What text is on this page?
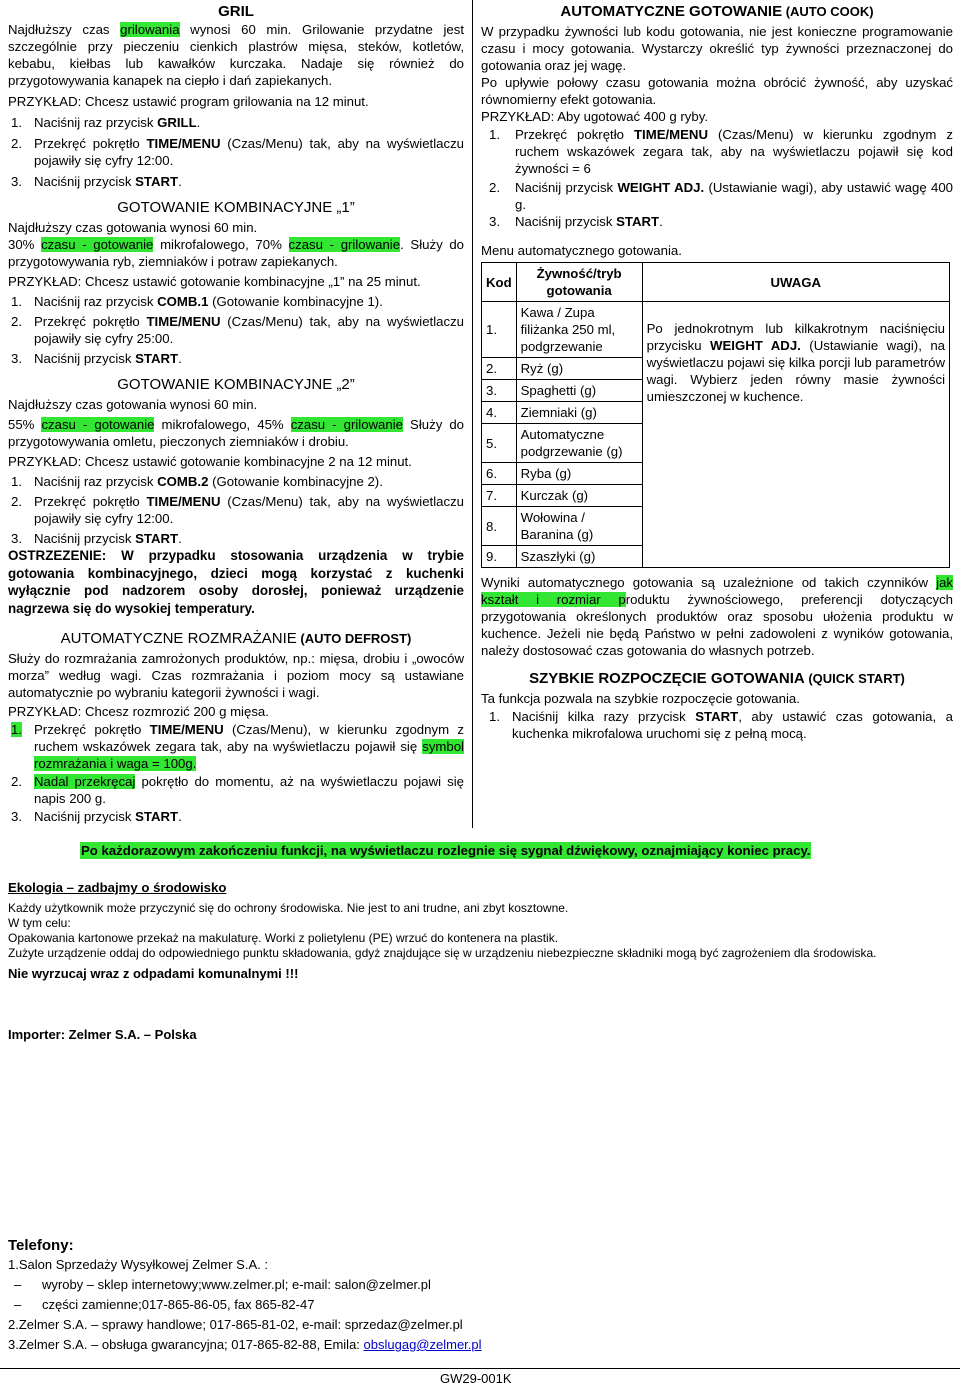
GRIL

Najdłuższy czas grilowania wynosi 60 min. Grilowanie przydatne jest szczególnie przy pieczeniu cienkich plastrów mięsa, steków, kotletów, kebabu, kiełbas lub kawałków kurczaka. Nadaje się również do przygotowywania kanapek na ciepło i dań zapiekanych.

PRZYKŁAD: Chcesz ustawić program grilowania na 12 minut.

1. Naciśnij raz przycisk GRILL.
2. Przekręć pokrętło TIME/MENU (Czas/Menu) tak, aby na wyświetlaczu pojawiły się cyfry 12:00.
3. Naciśnij przycisk START.
GOTOWANIE KOMBINACYJNE „1”

Najdłuższy czas gotowania wynosi 60 min.

30% czasu - gotowanie mikrofalowego, 70% czasu - grilowanie. Służy do przygotowywania ryb, ziemniaków i potraw zapiekanych.

PRZYKŁAD: Chcesz ustawić gotowanie kombinacyjne „1” na 25 minut.

1. Naciśnij raz przycisk COMB.1 (Gotowanie kombinacyjne 1).
2. Przekręć pokrętło TIME/MENU (Czas/Menu) tak, aby na wyświetlaczu pojawiły się cyfry 25:00.
3. Naciśnij przycisk START.
GOTOWANIE KOMBINACYJNE „2”

Najdłuższy czas gotowania wynosi 60 min.

55% czasu - gotowanie mikrofalowego, 45% czasu - grilowanie Służy do przygotowywania omletu, pieczonych ziemniaków i drobiu.

PRZYKŁAD: Chcesz ustawić gotowanie kombinacyjne 2 na 12 minut.

1. Naciśnij raz przycisk COMB.2 (Gotowanie kombinacyjne 2).
2. Przekręć pokrętło TIME/MENU (Czas/Menu) tak, aby na wyświetlaczu pojawiły się cyfry 12:00.
3. Naciśnij przycisk START.

OSTRZEZENIE: W przypadku stosowania urządzenia w trybie gotowania kombinacyjnego, dzieci mogą korzystać z kuchenki wyłącznie pod nadzorem osoby dorosłej, ponieważ urządzenie nagrzewa się do wysokiej temperatury.

AUTOMATYCZNE ROZMRAŻANIE (AUTO DEFROST)

Służy do rozmrażania zamrożonych produktów, np.: mięsa, drobiu i „owoców morza” według wagi. Czas rozmrażania i poziom mocy są ustawiane automatycznie po wybraniu kategorii żywności i wagi.

PRZYKŁAD: Chcesz rozmrozić 200 g mięsa.

1. Przekręć pokrętło TIME/MENU (Czas/Menu), w kierunku zgodnym z ruchem wskazówek zegara tak, aby na wyświetlaczu pojawił się symbol rozmrażania i waga = 100g.
2. Nadal przekręcaj pokrętło do momentu, aż na wyświetlaczu pojawi się napis 200 g.
3. Naciśnij przycisk START.
AUTOMATYCZNE GOTOWANIE (AUTO COOK)

W przypadku żywności lub kodu gotowania, nie jest konieczne programowanie czasu i mocy gotowania. Wystarczy określić typ żywności przeznaczonej do gotowania oraz jej wagę.

Po upływie połowy czasu gotowania można obrócić żywność, aby uzyskać równomierny efekt gotowania.

PRZYKŁAD: Aby ugotować 400 g ryby.

1.	Przekręć pokrętło TIME/MENU (Czas/Menu) w kierunku zgodnym z ruchem wskazówek zegara tak, aby na wyświetlaczu pojawił się kod żywności = 6
2.	Naciśnij przycisk WEIGHT ADJ. (Ustawianie wagi), aby ustawić wagę 400 g.
3.	Naciśnij przycisk START.

Menu automatycznego gotowania.

Kod	Żywność/tryb gotowania	UWAGA
1.	Kawa / Zupa filiżanka 250 ml, podgrzewanie	Po jednokrotnym lub kilkakrotnym naciśnięciu przycisku WEIGHT ADJ. (Ustawianie wagi), na wyświetlaczu pojawi się kilka porcji lub parametrów wagi. Wybierz jeden równy masie żywności umieszczonej w kuchence.
2.	Ryż (g)	
3.	Spaghetti (g)	
4.	Ziemniaki (g)	
5.	Automatyczne podgrzewanie (g)	
6.	Ryba (g)	
7.	Kurczak (g)	
8.	Wołowina / Baranina (g)	
9.	Szaszłyki (g)	

Wyniki automatycznego gotowania są uzależnione od takich czynników jak kształt i rozmiar produktu żywnościowego, preferencji dotyczących przygotowania określonych produktów oraz sposobu ułożenia produktu w kuchence. Jeżeli nie będą Państwo w pełni zadowoleni z wyników gotowania, należy dostosować czas gotowania do własnych potrzeb.

SZYBKIE ROZPOCZĘCIE GOTOWANIA (QUICK START)

Ta funkcja pozwala na szybkie rozpoczęcie gotowania.

1. Naciśnij kilka razy przycisk START, aby ustawić czas gotowania, a kuchenka mikrofalowa uruchomi się z pełną mocą.
Po każdorazowym zakończeniu funkcji, na wyświetlaczu rozlegnie się sygnał dźwiękowy, oznajmiający koniec pracy.
Ekologia – zadbajmy o środowisko
Każdy użytkownik może przyczynić się do ochrony środowiska. Nie jest to ani trudne, ani zbyt kosztowne.
W tym celu:
Opakowania kartonowe przekaż na makulaturę. Worki z polietylenu (PE) wrzuć do kontenera na plastik.
Zużyte urządzenie oddaj do odpowiedniego punktu składowania, gdyż znajdujące się w urządzeniu niebezpieczne składniki mogą być zagrożeniem dla środowiska.
Nie wyrzucaj wraz z odpadami komunalnymi !!!
Importer: Zelmer S.A. – Polska
Telefony:
1.Salon Sprzedaży Wysyłkowej Zelmer S.A. :
– wyroby – sklep internetowy;www.zelmer.pl; e-mail: salon@zelmer.pl
– części zamienne;017-865-86-05, fax 865-82-47
2.Zelmer S.A. – sprawy handlowe; 017-865-81-02, e-mail: sprzedaz@zelmer.pl
3.Zelmer S.A. – obsługa gwarancyjna; 017-865-82-88, Emila: obslugag@zelmer.pl
GW29-001K
